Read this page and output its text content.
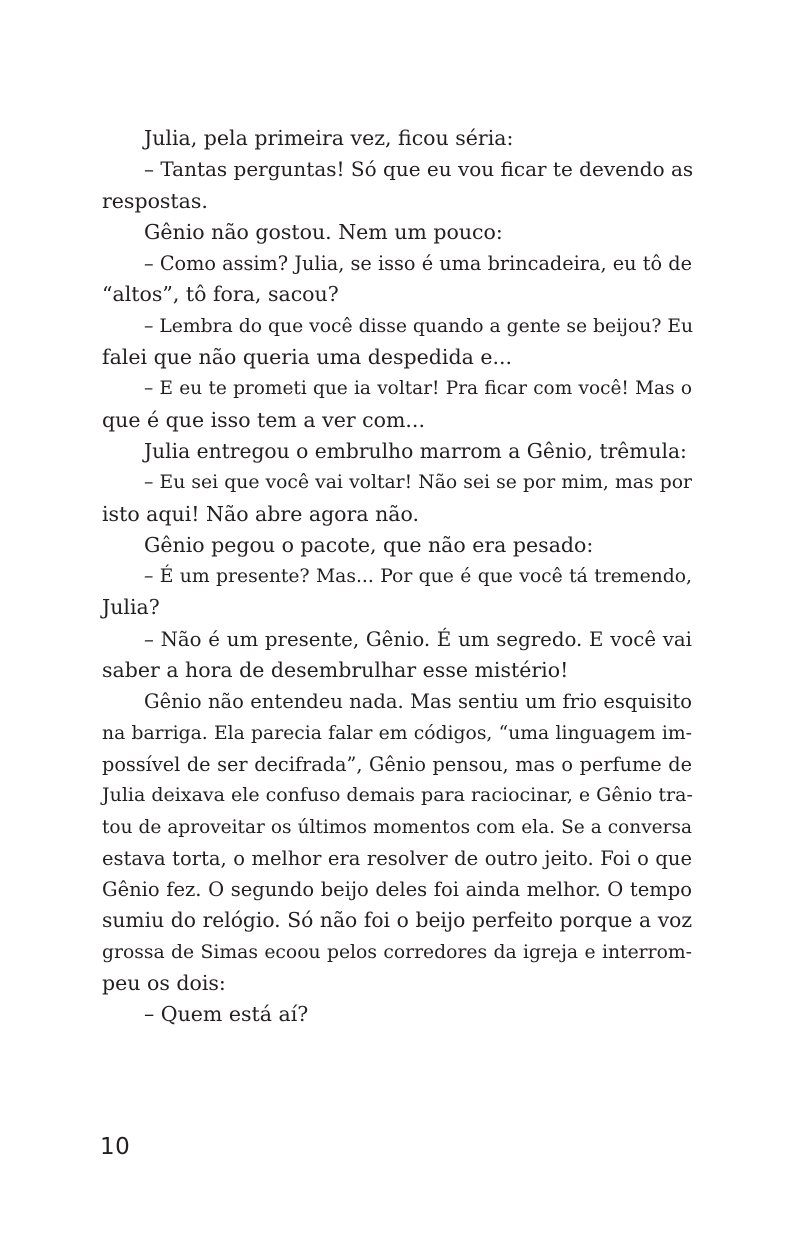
Julia, pela primeira vez, ficou séria:
– Tantas perguntas! Só que eu vou ficar te devendo as
respostas.
Gênio não gostou. Nem um pouco:
– Como assim? Julia, se isso é uma brincadeira, eu tô de
“altos”, tô fora, sacou?
– Lembra do que você disse quando a gente se beijou? Eu
falei que não queria uma despedida e...
– E eu te prometi que ia voltar! Pra ficar com você! Mas o
que é que isso tem a ver com...
Julia entregou o embrulho marrom a Gênio, trêmula:
– Eu sei que você vai voltar! Não sei se por mim, mas por
isto aqui! Não abre agora não.
Gênio pegou o pacote, que não era pesado:
– É um presente? Mas... Por que é que você tá tremendo,
Julia?
– Não é um presente, Gênio. É um segredo. E você vai
saber a hora de desembrulhar esse mistério!
Gênio não entendeu nada. Mas sentiu um frio esquisito
na barriga. Ela parecia falar em códigos, “uma linguagem im-
possível de ser decifrada”, Gênio pensou, mas o perfume de
Julia deixava ele confuso demais para raciocinar, e Gênio tra-
tou de aproveitar os últimos momentos com ela. Se a conversa
estava torta, o melhor era resolver de outro jeito. Foi o que
Gênio fez. O segundo beijo deles foi ainda melhor. O tempo
sumiu do relógio. Só não foi o beijo perfeito porque a voz
grossa de Simas ecoou pelos corredores da igreja e interrom-
peu os dois:
– Quem está aí?
10
